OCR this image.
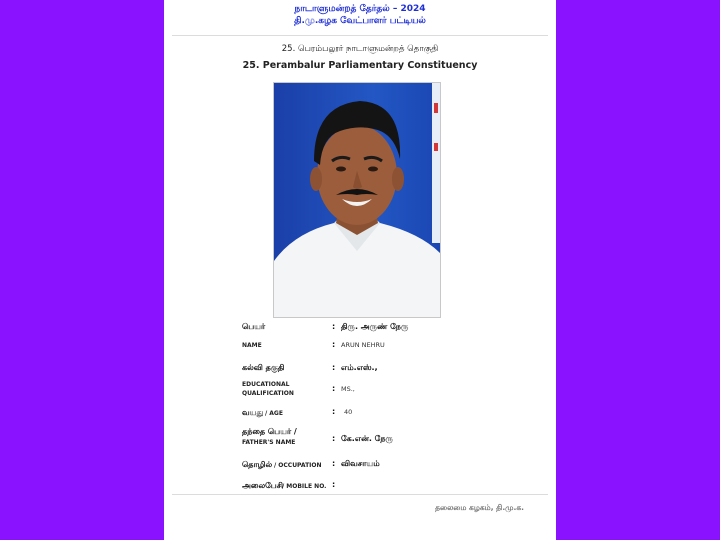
நாடாளுமன்றத் தேர்தல் – 2024
தி.மு.கழக வேட்பாளர் பட்டியல்
25. பெரம்பலூர் நாடாளுமன்றத் தொகுதி
25. Perambalur Parliamentary Constituency
பெயர்	: திரு. அருண் நேரு
NAME	: ARUN NEHRU
கல்வி தகுதி	: எம்.எஸ்.,
EDUCATIONAL
QUALIFICATION
: MS.,
வயது / AGE	: 40
தந்தை பெயர் /
FATHER'S NAME	: கே.என். நேரு
தொழில் / OCCUPATION : விவசாயம்
அலைபேசி / MOBILE NO. :
தலைமை கழகம், தி.மு.க.
